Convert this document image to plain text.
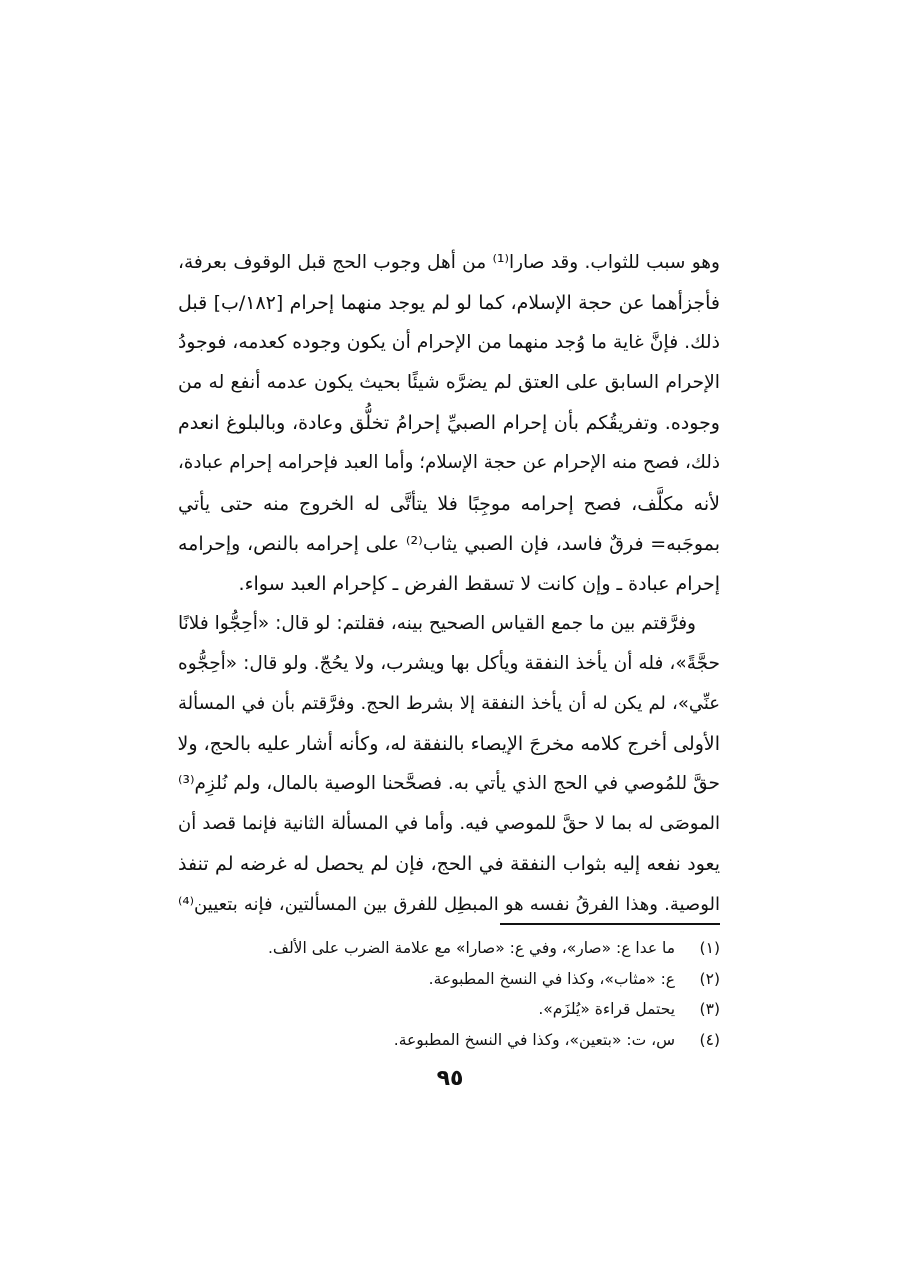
وهو سبب للثواب. وقد صارا⁽¹⁾ من أهل وجوب الحج قبل الوقوف بعرفة،
فأجزأهما عن حجة الإسلام، كما لو لم يوجد منهما إحرام [١٨٢/ب] قبل
ذلك. فإنَّ غاية ما وُجد منهما من الإحرام أن يكون وجوده كعدمه، فوجودُ
الإحرام السابق على العتق لم يضرَّه شيئًا بحيث يكون عدمه أنفع له من
وجوده. وتفريقُكم بأن إحرام الصبيِّ إحرامُ تخلُّق وعادة، وبالبلوغ انعدم
ذلك، فصح منه الإحرام عن حجة الإسلام؛ وأما العبد فإحرامه إحرام عبادة،
لأنه مكلَّف، فصح إحرامه موجِبًا فلا يتأتَّى له الخروج منه حتى يأتي
بموجَبه= فرقٌ فاسد، فإن الصبي يثاب⁽²⁾ على إحرامه بالنص، وإحرامه
إحرام عبادة ـ وإن كانت لا تسقط الفرض ـ كإحرام العبد سواء.
وفرَّقتم بين ما جمع القياس الصحيح بينه، فقلتم: لو قال: «أحِجُّوا فلانًا
حجَّةً»، فله أن يأخذ النفقة ويأكل بها ويشرب، ولا يحُجّ. ولو قال: «أحِجُّوه
عنِّي»، لم يكن له أن يأخذ النفقة إلا بشرط الحج. وفرَّقتم بأن في المسألة
الأولى أخرج كلامه مخرجَ الإيصاء بالنفقة له، وكأنه أشار عليه بالحج، ولا
حقَّ للمُوصي في الحج الذي يأتي به. فصحَّحنا الوصية بالمال، ولم نُلزِم⁽³⁾
الموصَى له بما لا حقَّ للموصي فيه. وأما في المسألة الثانية فإنما قصد أن
يعود نفعه إليه بثواب النفقة في الحج، فإن لم يحصل له غرضه لم تنفذ
الوصية. وهذا الفرقُ نفسه هو المبطِل للفرق بين المسألتين، فإنه بتعيين⁽⁴⁾
(١) ما عدا ع: «صار»، وفي ع: «صارا» مع علامة الضرب على الألف.
(٢) ع: «مثاب»، وكذا في النسخ المطبوعة.
(٣) يحتمل قراءة «يُلزَم».
(٤) س، ت: «بتعين»، وكذا في النسخ المطبوعة.
٩٥
